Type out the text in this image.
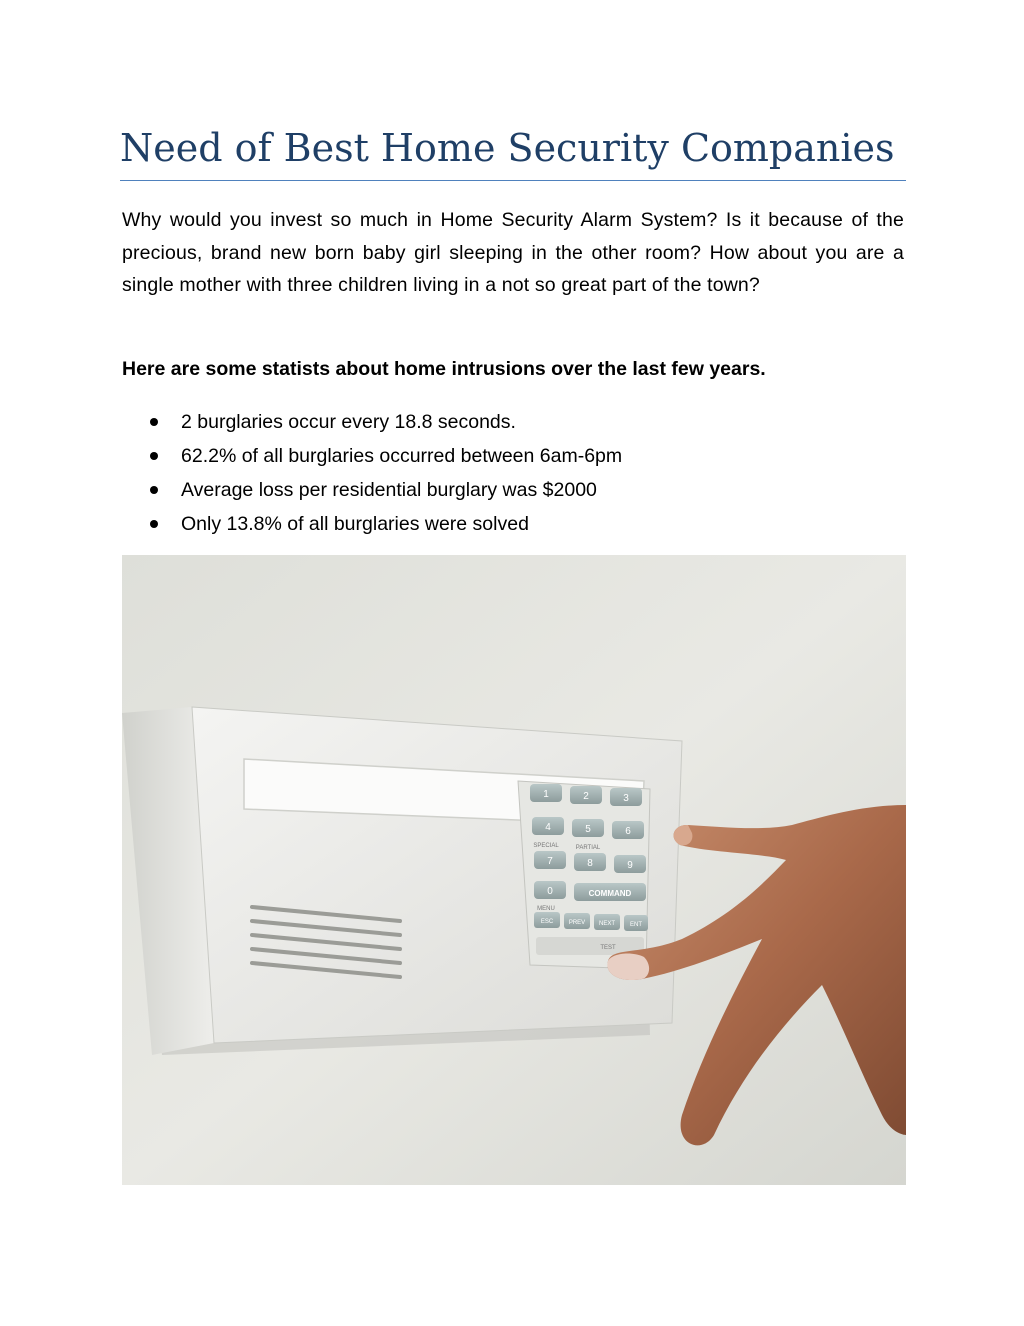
Need of Best Home Security Companies

Why would you invest so much in Home Security Alarm System? Is it because of the precious, brand new born baby girl sleeping in the other room? How about you are a single mother with three children living in a not so great part of the town?

Here are some statists about home intrusions over the last few years.

2 burglaries occur every 18.8 seconds.
62.2% of all burglaries occurred between 6am-6pm
Average loss per residential burglary was $2000
Only 13.8% of all burglaries were solved
1	2	3
4	5	6
SPECIAL	PARTIAL
7	8	9
0	COMMAND
MENU
ESC	PREV NEXT ENT
TEST
